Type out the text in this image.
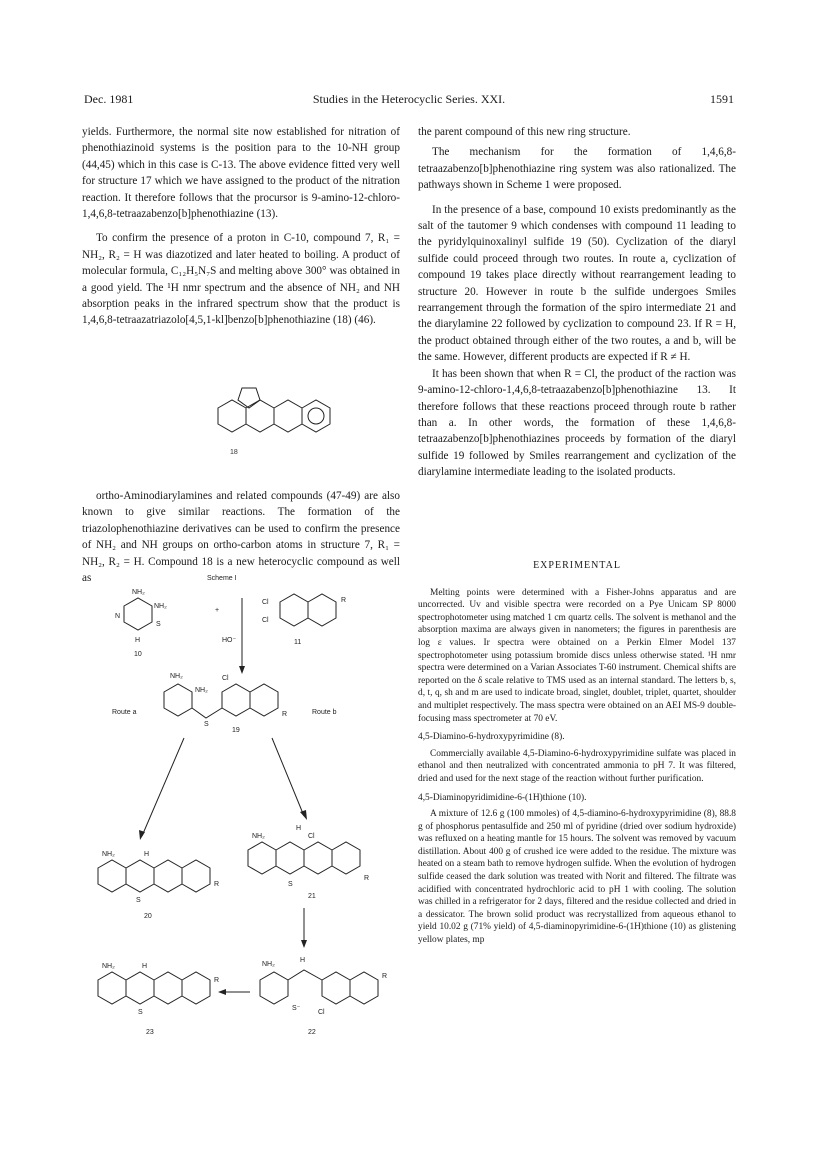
Dec. 1981	Studies in the Heterocyclic Series. XXI.	1591

yields. Furthermore, the normal site now established for nitration of phenothiazinoid systems is the position para to the 10-NH group (44,45) which in this case is C-13. The above evidence fitted very well for structure 17 which we have assigned to the product of the nitration reaction. It therefore follows that the procursor is 9-amino-12-chloro-1,4,6,8-tetraazabenzo[b]phenothiazine (13).

To confirm the presence of a proton in C-10, compound 7, R₁ = NH₂, R₂ = H was diazotized and later heated to boiling. A product of molecular formula, C₁₂H₅N₇S and melting above 300° was obtained in a good yield. The ¹H nmr spectrum and the absence of NH₂ and NH absorption peaks in the infrared spectrum show that the product is 1,4,6,8-tetraazatriazolo[4,5,1-kl]benzo[b]phenothiazine (18) (46).

18

ortho-Aminodiarylamines and related compounds (47-49) are also known to give similar reactions. The formation of the triazolophenothiazine derivatives can be used to confirm the presence of NH₂ and NH groups on ortho-carbon atoms in structure 7, R₁ = NH₂, R₂ = H. Compound 18 is a new heterocyclic compound as well as	Scheme I
NH₂
NH₂
N
S
H
10
+
Cl
Cl
R
11
HO⁻
NH₂
NH₂
Cl
S
R
19
Route a	Route b
NH₂	H
S
R
20
NH₂
H
Cl
S
R
21
NH₂
H
S⁻
Cl
R
22
NH₂	H
S
R
23

the parent compound of this new ring structure.

The mechanism for the formation of 1,4,6,8-tetraazabenzo[b]phenothiazine ring system was also rationalized. The pathways shown in Scheme 1 were proposed.

In the presence of a base, compound 10 exists predominantly as the salt of the tautomer 9 which condenses with compound 11 leading to the pyridylquinoxalinyl sulfide 19 (50). Cyclization of the diaryl sulfide could proceed through two routes. In route a, cyclization of compound 19 takes place directly without rearrangement leading to structure 20. However in route b the sulfide undergoes Smiles rearrangement through the formation of the spiro intermediate 21 and the diarylamine 22 followed by cyclization to compound 23. If R = H, the product obtained through either of the two routes, a and b, will be the same. However, different products are expected if R ≠ H.

It has been shown that when R = Cl, the product of the raction was 9-amino-12-chloro-1,4,6,8-tetraazabenzo[b]phenothiazine 13. It therefore follows that these reactions proceed through route b rather than a. In other words, the formation of these 1,4,6,8-tetraazabenzo[b]phenothiazines proceeds by formation of the diaryl sulfide 19 followed by Smiles rearrangement and cyclization of the diarylamine intermediate leading to the isolated products.

EXPERIMENTAL

Melting points were determined with a Fisher-Johns apparatus and are uncorrected. Uv and visible spectra were recorded on a Pye Unicam SP 8000 spectrophotometer using matched 1 cm quartz cells. The solvent is methanol and the absorption maxima are always given in nanometers; the figures in parenthesis are log ε values. Ir spectra were obtained on a Perkin Elmer Model 137 spectrophotometer using potassium bromide discs unless otherwise stated. ¹H nmr spectra were determined on a Varian Associates T-60 instrument. Chemical shifts are reported on the δ scale relative to TMS used as an internal standard. The letters b, s, d, t, q, sh and m are used to indicate broad, singlet, doublet, triplet, quartet, shoulder and multiplet respectively. The mass spectra were obtained on an AEI MS-9 double-focusing mass spectrometer at 70 eV.

4,5-Diamino-6-hydroxypyrimidine (8).

Commercially available 4,5-Diamino-6-hydroxypyrimidine sulfate was placed in ethanol and then neutralized with concentrated ammonia to pH 7. It was filtered, dried and used for the next stage of the reaction without further purification.

4,5-Diaminopyridimidine-6-(1H)thione (10).

A mixture of 12.6 g (100 mmoles) of 4,5-diamino-6-hydroxypyrimidine (8), 88.8 g of phosphorus pentasulfide and 250 ml of pyridine (dried over sodium hydroxide) was refluxed on a heating mantle for 15 hours. The solvent was removed by vacuum distillation. About 400 g of crushed ice were added to the residue. The mixture was heated on a steam bath to remove hydrogen sulfide. When the evolution of hydrogen sulfide ceased the dark solution was treated with Norit and filtered. The filtrate was acidified with concentrated hydrochloric acid to pH 1 with cooling. The solution was chilled in a refrigerator for 2 days, filtered and the residue collected and dried in a dessicator. The brown solid product was recrystallized from aqueous ethanol to yield 10.02 g (71% yield) of 4,5-diaminopyrimidine-6-(1H)thione (10) as glistening yellow plates, mp
